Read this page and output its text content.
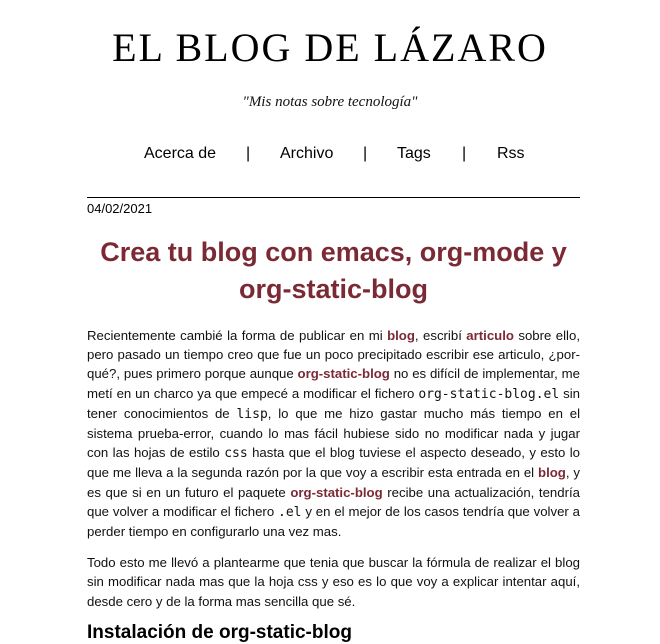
EL BLOG DE LÁZARO
"Mis notas sobre tecnología"
Acerca de | Archivo | Tags | Rss
04/02/2021
Crea tu blog con emacs, org-mode y org-static-blog

Recientemente cambié la forma de publicar en mi blog, escribí articulo sobre ello, pero pasado un tiempo creo que fue un poco precipitado escribir ese articulo, ¿por-qué?, pues primero porque aunque org-static-blog no es difícil de implementar, me metí en un charco ya que empecé a modificar el fichero org-static-blog.el sin tener conocimientos de lisp, lo que me hizo gastar mucho más tiempo en el sistema prueba-error, cuando lo mas fácil hubiese sido no modificar nada y jugar con las hojas de estilo css hasta que el blog tuviese el aspecto deseado, y esto lo que me lleva a la segunda razón por la que voy a escribir esta entrada en el blog, y es que si en un futuro el paquete org-static-blog recibe una actualización, tendría que volver a modificar el fichero .el y en el mejor de los casos tendría que volver a perder tiempo en configurarlo una vez mas.

Todo esto me llevó a plantearme que tenia que buscar la fórmula de realizar el blog sin modificar nada mas que la hoja css y eso es lo que voy a explicar intentar aquí, desde cero y de la forma mas sencilla que sé.

Instalación de org-static-blog
